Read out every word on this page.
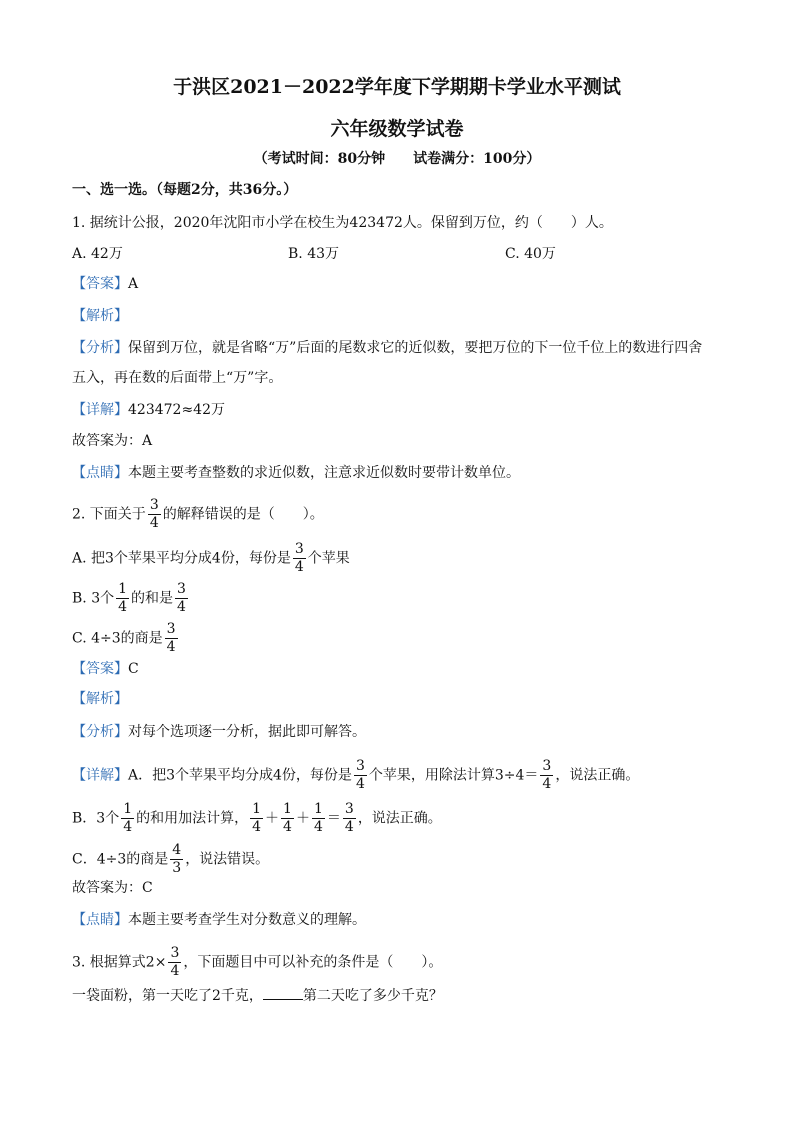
于洪区2021－2022学年度下学期期卡学业水平测试
六年级数学试卷
（考试时间：80分钟 试卷满分：100分）
一、选一选。（每题2分，共36分。）
1. 据统计公报，2020年沈阳市小学在校生为423472人。保留到万位，约（　　）人。
A. 42万	B. 43万	C. 40万
【答案】A
【解析】
【分析】保留到万位，就是省略“万”后面的尾数求它的近似数，要把万位的下一位千位上的数进行四舍
五入，再在数的后面带上“万”字。
【详解】423472≈42万
故答案为：A
【点睛】本题主要考查整数的求近似数，注意求近似数时要带计数单位。
2. 下面关于 $\frac{3}{4}$ 的解释错误的是（　　）。
A. 把3个苹果平均分成4份，每份是 $\frac{3}{4}$ 个苹果
B. 3个 $\frac{1}{4}$ 的和是 $\frac{3}{4}$
C. 4÷3的商是 $\frac{3}{4}$
【答案】C
【解析】
【分析】对每个选项逐一分析，据此即可解答。
【详解】A．把3个苹果平均分成4份，每份是 $\frac{3}{4}$ 个苹果，用除法计算$3\div 4= \frac{3}{4}$ ，说法正确。
B．3个 $\frac{1}{4}$ 的和用加法计算， $\frac{1}{4} + \frac{1}{4} + \frac{1}{4} = \frac{3}{4}$ ，说法正确。
C．4÷3的商是 $\frac{4}{3}$ ，说法错误。
故答案为：C
【点睛】本题主要考查学生对分数意义的理解。
3. 根据算式$2\times \frac{3}{4}$ ，下面题目中可以补充的条件是（　　）。
一袋面粉，第一天吃了2千克，	第二天吃了多少千克？
